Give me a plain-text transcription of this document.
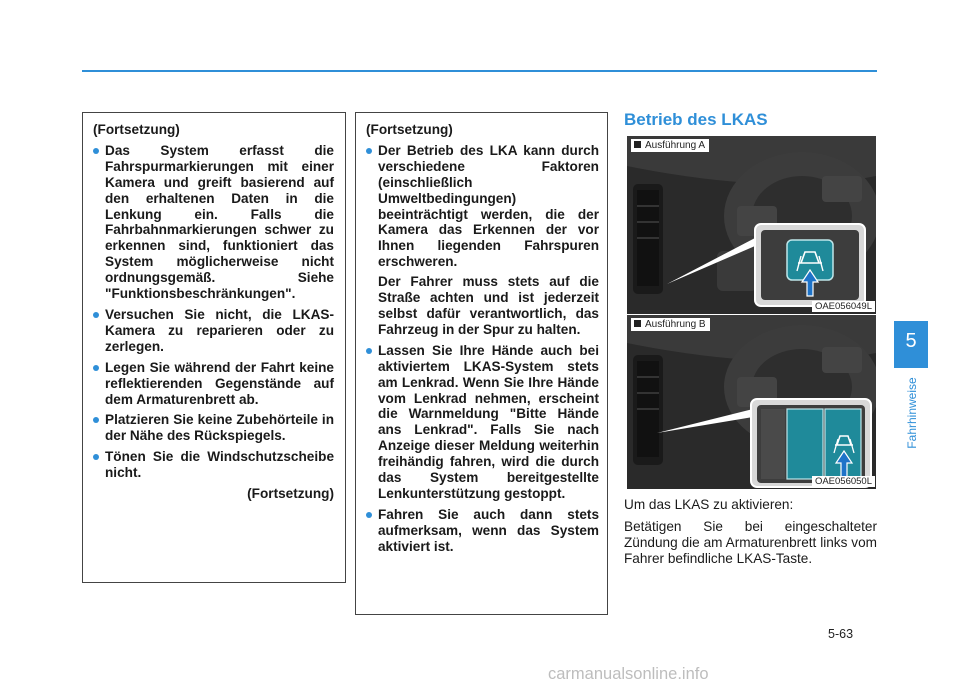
(Fortsetzung)

Das System erfasst die Fahrspurmarkierungen mit einer Kamera und greift basierend auf den erhaltenen Daten in die Lenkung ein. Falls die Fahrbahnmarkierungen schwer zu erkennen sind, funktioniert das System möglicherweise nicht ordnungsgemäß. Siehe "Funktionsbeschränkungen".

Versuchen Sie nicht, die LKAS-Kamera zu reparieren oder zu zerlegen.

Legen Sie während der Fahrt keine reflektierenden Gegenstände auf dem Armaturenbrett ab.

Platzieren Sie keine Zubehörteile in der Nähe des Rückspiegels.

Tönen Sie die Windschutzscheibe nicht.

(Fortsetzung)

(Fortsetzung)

Der Betrieb des LKA kann durch verschiedene Faktoren (einschließlich Umweltbedingungen) beeinträchtigt werden, die der Kamera das Erkennen der vor Ihnen liegenden Fahrspuren erschweren.

Der Fahrer muss stets auf die Straße achten und ist jederzeit selbst dafür verantwortlich, das Fahrzeug in der Spur zu halten.

Lassen Sie Ihre Hände auch bei aktiviertem LKAS-System stets am Lenkrad. Wenn Sie Ihre Hände vom Lenkrad nehmen, erscheint die Warnmeldung "Bitte Hände ans Lenkrad". Falls Sie nach Anzeige dieser Meldung weiterhin freihändig fahren, wird die durch das System bereitgestellte Lenkunterstützung gestoppt.

Fahren Sie auch dann stets aufmerksam, wenn das System aktiviert ist.

Betrieb des LKAS
Ausführung A
OAE056049L
Ausführung B
OAE056050L

Um das LKAS zu aktivieren:

Betätigen Sie bei eingeschalteter Zündung die am Armaturenbrett links vom Fahrer befindliche LKAS-Taste.

5
Fahrhinweise
5-63
carmanualsonline.info
